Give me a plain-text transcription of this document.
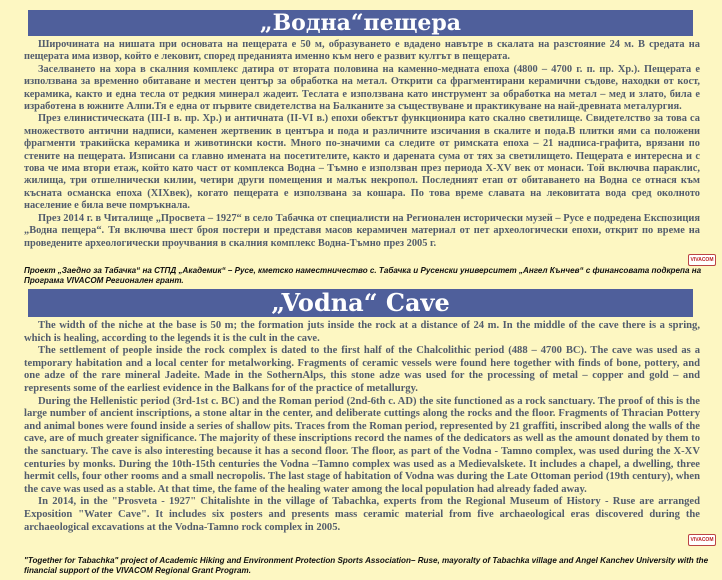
„Водна“пещера

Широчината на нишата при основата на пещерата е 50 м, образуването е вдадено навътре в скалата на разстояние 24 м. В средата на пещерата има извор, който е лековит, според преданията именно към него е развит култът в пещерата.

Заселването на хора в скалния комплекс датира от втората половина на каменно-медната епоха (4800 – 4700 г. п. пр. Хр.). Пещерата е използвана за временно обитаване и местен център за обработка на метал. Открити са фрагментирани керамични съдове, находки от кост, керамика, както и една тесла от редкия минерал жадеит. Теслата е използвана като инструмент за обработка на метал – мед и злато, била е изработена в южните Алпи.Тя е една от първите свидетелства на Балканите за съществуване и практикуване на най-древната металургия.

През елинистическата (III-I в. пр. Хр.) и античната (II-VI в.) епохи обектът функционира като скално светилище. Свидетелство за това са множеството антични надписи, каменен жертвеник в центъра и пода и различните изсичания в скалите и пода.В плитки ями са положени фрагменти тракийска керамика и животински кости. Много по-значими са следите от римската епоха – 21 надписа-графита, врязани по стените на пещерата. Изписани са главно имената на посетителите, както и дарената сума от тях за светилището. Пещерата е интересна и с това че има втори етаж, който като част от комплекса Водна – Тъмно е използван през периода X-XV век от монаси. Той включва параклис, жилища, три отшелнически килии, четири други помещения и малък некропол. Последният етап от обитаването на Водна се отнася към късната османска епоха (XIXвек), когато пещерата е използвана за кошара. По това време славата на лековитата вода сред околното население е била вече помръкнала.

През 2014 г. в Читалище „Просвета – 1927“ в село Табачка от специалисти на Регионален исторически музей – Русе е подредена Експозиция „Водна пещера“. Тя включва шест броя постери и представя масов керамичен материал от пет археологически епохи, открит по време на проведените археологически проучвания в скалния комплекс Водна-Тъмно през 2005 г.

VIVACOM
Проект „Заедно за Табачка“ на СТПД „Академик“ – Русе, кметско наместничество с. Табачка и Русенски университет „Ангел Кънчев“ с финансовата подкрепа на Програма VIVACOM Регионален грант.
„Vodna“ Cave

The width of the niche at the base is 50 m; the formation juts inside the rock at a distance of 24 m. In the middle of the cave there is a spring, which is healing, according to the legends it is the cult in the cave.

The settlement of people inside the rock complex is dated to the first half of the Chalcolithic period (488 – 4700 BC). The cave was used as a temporary habitation and a local center for metalworking. Fragments of ceramic vessels were found here together with finds of bone, pottery, and one adze of the rare mineral Jadeite. Made in the SothernAlps, this stone adze was used for the processing of metal – copper and gold – and represents some of the earliest evidence in the Balkans for of the practice of metallurgy.

During the Hellenistic period (3rd-1st c. BC) and the Roman period (2nd-6th c. AD) the site functioned as a rock sanctuary. The proof of this is the large number of ancient inscriptions, a stone altar in the center, and deliberate cuttings along the rocks and the floor. Fragments of Thracian Pottery and animal bones were found inside a series of shallow pits. Traces from the Roman period, represented by 21 graffiti, inscribed along the walls of the cave, are of much greater significance. The majority of these inscriptions record the names of the dedicators as well as the amount donated by them to the sanctuary. The cave is also interesting because it has a second floor. The floor, as part of the Vodna - Tamno complex, was used during the X-XV centuries by monks. During the 10th-15th centuries the Vodna –Tamno complex was used as a Medievalskete. It includes a chapel, a dwelling, three hermit cells, four other rooms and a small necropolis. The last stage of habitation of Vodna was during the Late Ottoman period (19th century), when the cave was used as a stable. At that time, the fame of the healing water among the local population had already faded away.

In 2014, in the "Prosveta - 1927" Chitalishte in the village of Tabachka, experts from the Regional Museum of History - Ruse are arranged Exposition "Water Cave". It includes six posters and presents mass ceramic material from five archaeological eras discovered during the archaeological excavations at the Vodna-Tamno rock complex in 2005.

VIVACOM
"Together for Tabachka" project of Academic Hiking and Environment Protection Sports Association– Ruse, mayoralty of Tabachka village and Angel Kanchev University with the financial support of the VIVACOM Regional Grant Program.
